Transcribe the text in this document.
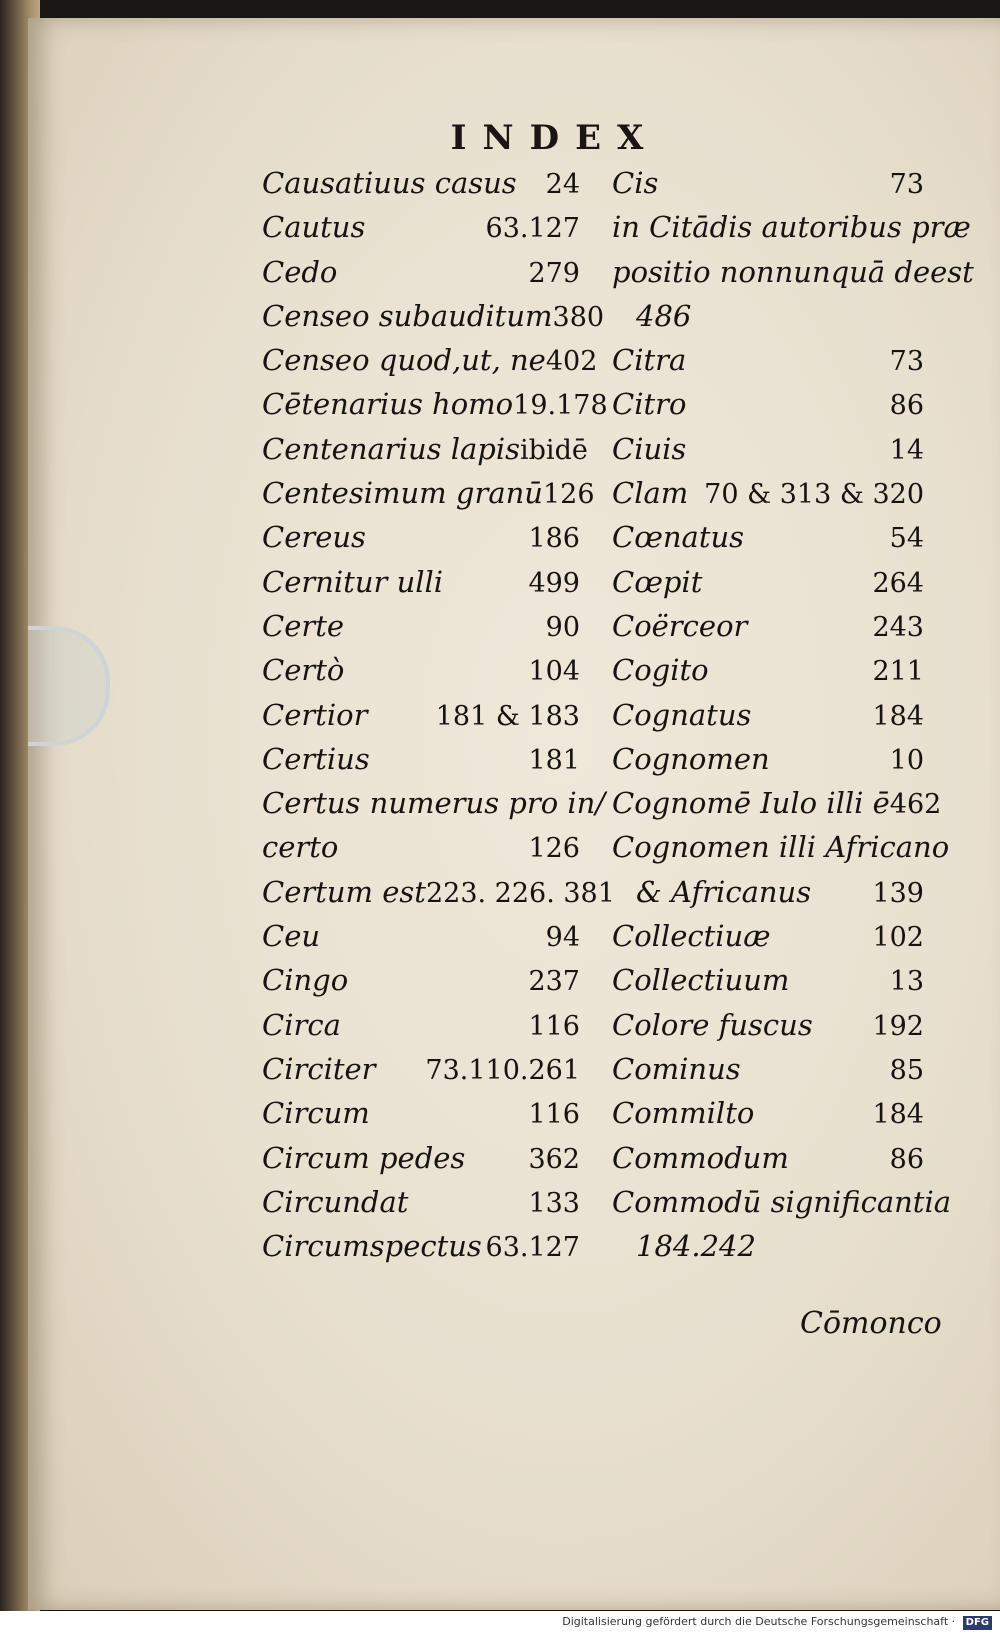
INDEX
Causatiuus casus 24
Cautus	63.127
Cedo	279
Censeo subauditum 380
Censeo quod,ut, ne 402
Cētenarius homo 19.178
Centenarius lapis ibidē
Centesimum granū 126
Cereus	186
Cernitur ulli	499
Certe	90
Certò	104
Certior	181 & 183
Certius	181
Certus numerus pro in/
certo	126
Certum est 223. 226. 381
Ceu	94
Cingo	237
Circa	116
Circiter 73.110.261
Circum	116
Circum pedes 362
Circundat	133
Circumspectus 63.127
Cis	73
in Citādis autoribus præ
positio nonnunquā deest
486
Citra	73
Citro	86
Ciuis	14
Clam 70 & 313 & 320
Cœnatus	54
Cœpit	264
Coërceor	243
Cogito	211
Cognatus	184
Cognomen	10
Cognomē Iulo illi ē 462
Cognomen illi Africano
& Africanus 139
Collectiuæ	102
Collectiuum	13
Colore fuscus 192
Cominus	85
Commilto	184
Commodum	86
Commodū significantia
184.242
Cōmonco
Digitalisierung gefördert durch die Deutsche Forschungsgemeinschaft · DFG
